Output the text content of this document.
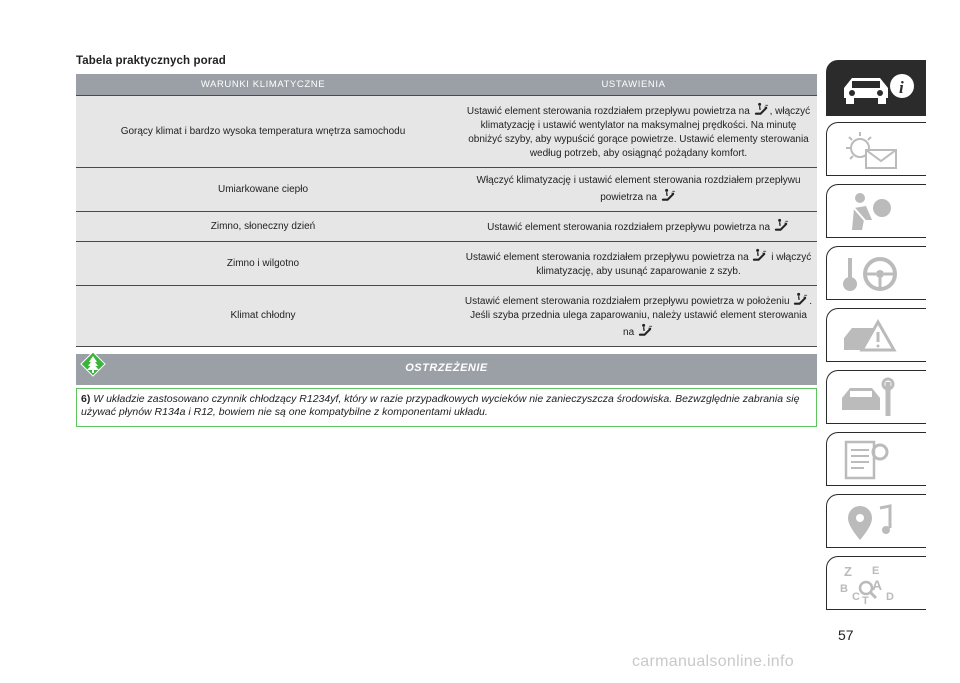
Tabela praktycznych porad
WARUNKI KLIMATYCZNE	USTAWIENIA
Gorący klimat i bardzo wysoka temperatura wnętrza samochodu	Ustawić element sterowania rozdziałem przepływu powietrza na , włączyć klimatyzację i ustawić wentylator na maksymalnej prędkości. Na minutę obniżyć szyby, aby wypuścić gorące powietrze. Ustawić elementy sterowania według potrzeb, aby osiągnąć pożądany komfort.
Umiarkowane ciepło	Włączyć klimatyzację i ustawić element sterowania rozdziałem przepływu powietrza na
Zimno, słoneczny dzień	Ustawić element sterowania rozdziałem przepływu powietrza na
Zimno i wilgotno	Ustawić element sterowania rozdziałem przepływu powietrza na i włączyć klimatyzację, aby usunąć zaparowanie z szyb.
Klimat chłodny	Ustawić element sterowania rozdziałem przepływu powietrza w położeniu . Jeśli szyba przednia ulega zaparowaniu, należy ustawić element sterowania na
OSTRZEŻENIE
6) W układzie zastosowano czynnik chłodzący R1234yf, który w razie przypadkowych wycieków nie zanieczyszcza środowiska. Bezwzględnie zabrania się używać płynów R134a i R12, bowiem nie są one kompatybilne z komponentami układu.
i
Z E
B A
C T D
57
carmanualsonline.info
